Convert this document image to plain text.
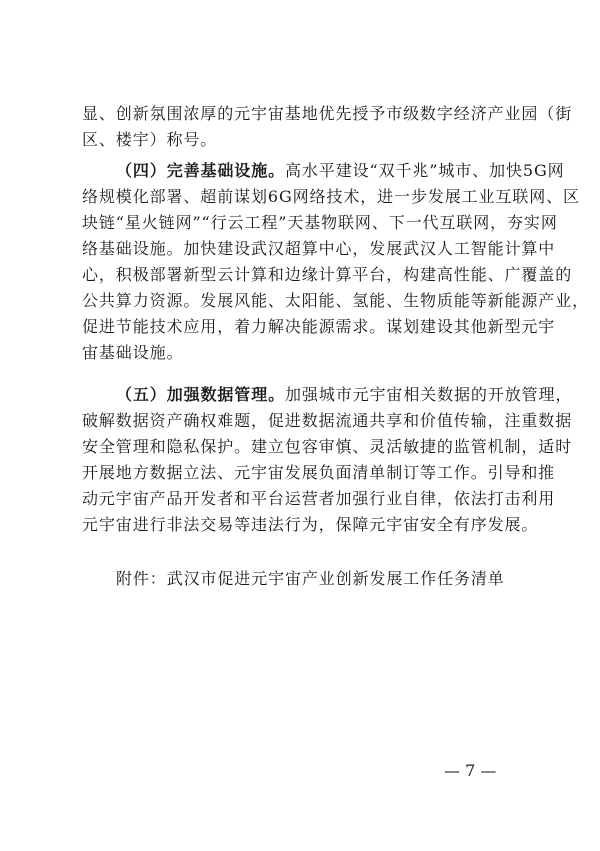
显、创新氛围浓厚的元宇宙基地优先授予市级数字经济产业园（街
区、楼宇）称号。
（四）完善基础设施。高水平建设“双千兆”城市、加快5G网
络规模化部署、超前谋划6G网络技术，进一步发展工业互联网、区
块链“星火链网”“行云工程”天基物联网、下一代互联网，夯实网
络基础设施。加快建设武汉超算中心，发展武汉人工智能计算中
心，积极部署新型云计算和边缘计算平台，构建高性能、广覆盖的
公共算力资源。发展风能、太阳能、氢能、生物质能等新能源产业，
促进节能技术应用，着力解决能源需求。谋划建设其他新型元宇
宙基础设施。
（五）加强数据管理。加强城市元宇宙相关数据的开放管理，
破解数据资产确权难题，促进数据流通共享和价值传输，注重数据
安全管理和隐私保护。建立包容审慎、灵活敏捷的监管机制，适时
开展地方数据立法、元宇宙发展负面清单制订等工作。引导和推
动元宇宙产品开发者和平台运营者加强行业自律，依法打击利用
元宇宙进行非法交易等违法行为，保障元宇宙安全有序发展。
附件：武汉市促进元宇宙产业创新发展工作任务清单
— 7 —
